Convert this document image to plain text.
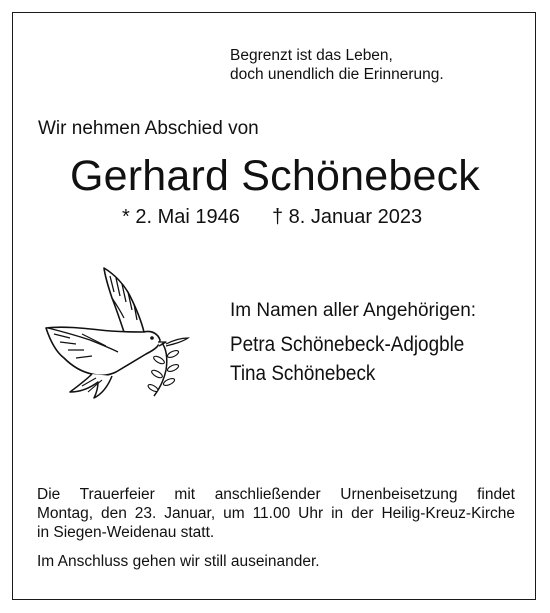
Begrenzt ist das Leben,
doch unendlich die Erinnerung.
Wir nehmen Abschied von
Gerhard Schönebeck
* 2. Mai 1946 † 8. Januar 2023
Im Namen aller Angehörigen:
Petra Schönebeck-Adjogble
Tina Schönebeck
Die Trauerfeier mit anschließender Urnenbeisetzung findet
Montag, den 23. Januar, um 11.00 Uhr in der Heilig-Kreuz-Kirche
in Siegen-Weidenau statt.
Im Anschluss gehen wir still auseinander.
